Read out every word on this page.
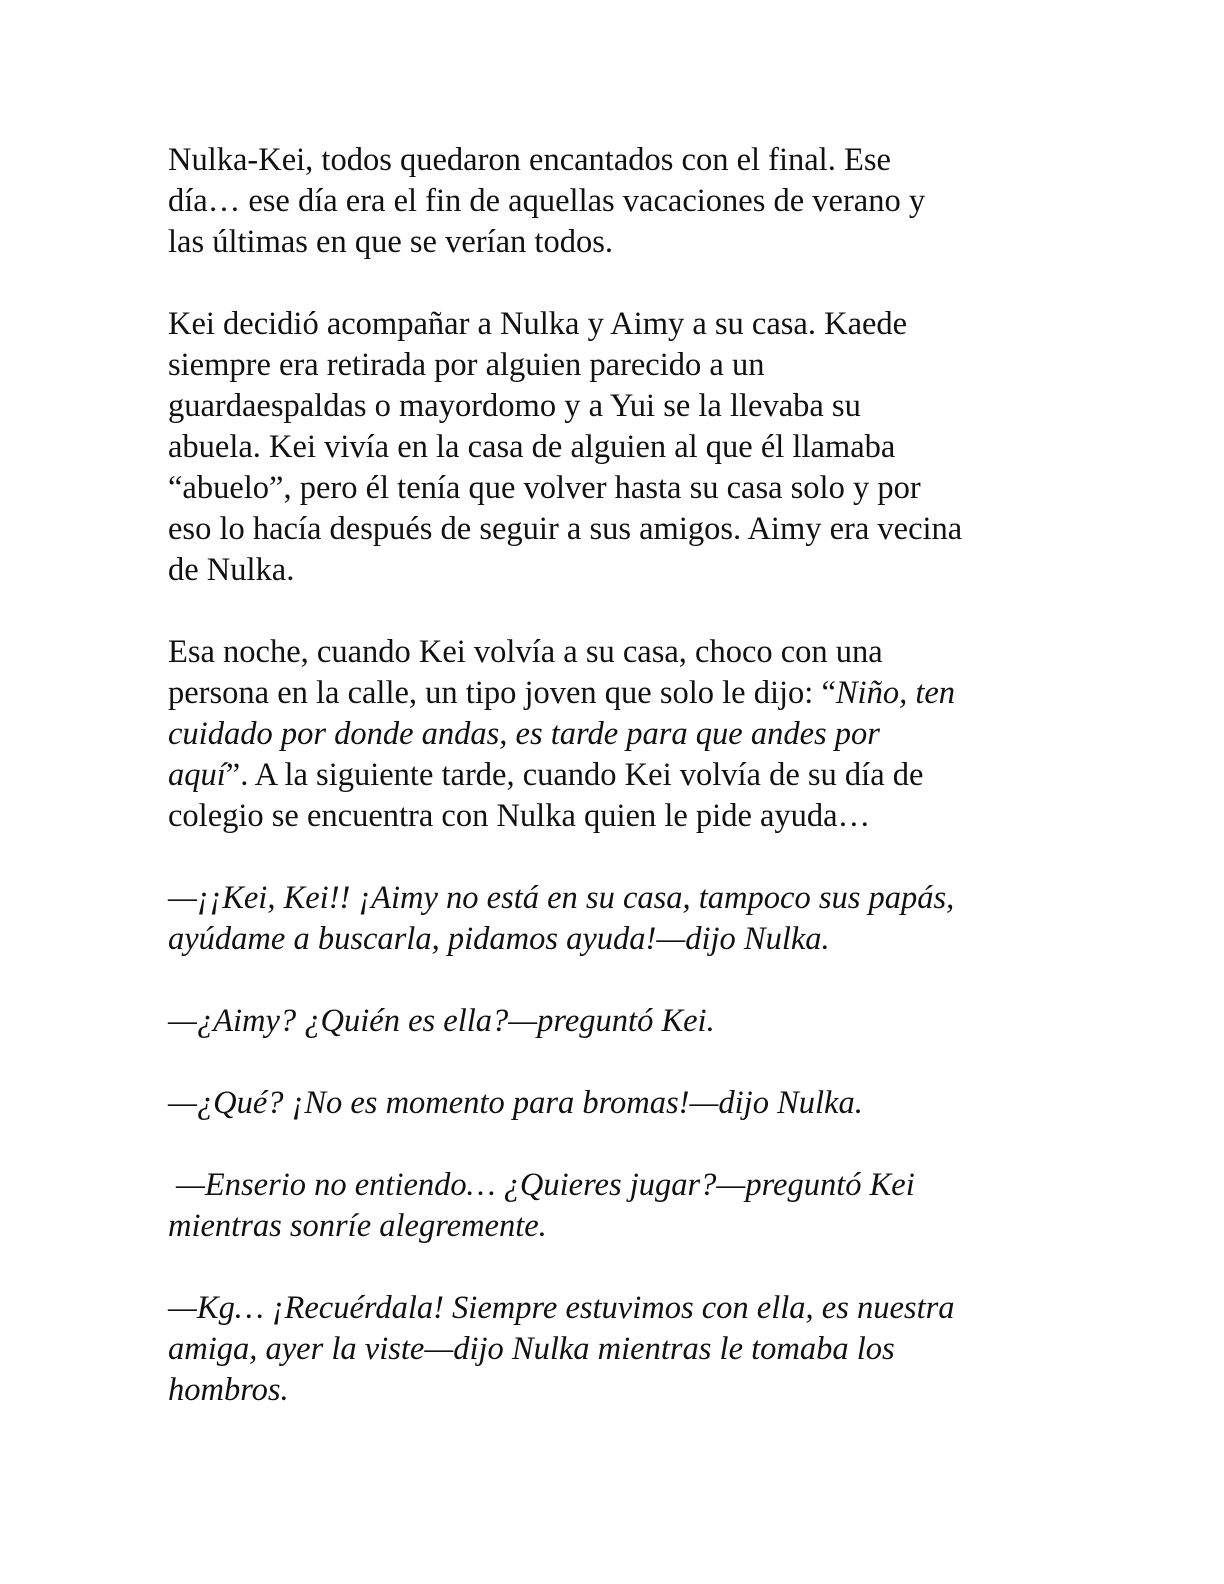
Nulka-Kei, todos quedaron encantados con el final. Ese
día… ese día era el fin de aquellas vacaciones de verano y
las últimas en que se verían todos.

Kei decidió acompañar a Nulka y Aimy a su casa. Kaede
siempre era retirada por alguien parecido a un
guardaespaldas o mayordomo y a Yui se la llevaba su
abuela. Kei vivía en la casa de alguien al que él llamaba
“abuelo”, pero él tenía que volver hasta su casa solo y por
eso lo hacía después de seguir a sus amigos. Aimy era vecina
de Nulka.

Esa noche, cuando Kei volvía a su casa, choco con una
persona en la calle, un tipo joven que solo le dijo: “Niño, ten
cuidado por donde andas, es tarde para que andes por
aquí”. A la siguiente tarde, cuando Kei volvía de su día de
colegio se encuentra con Nulka quien le pide ayuda…

—¡¡Kei, Kei!! ¡Aimy no está en su casa, tampoco sus papás,
ayúdame a buscarla, pidamos ayuda!—dijo Nulka.

—¿Aimy? ¿Quién es ella?—preguntó Kei.

—¿Qué? ¡No es momento para bromas!—dijo Nulka.

—Enserio no entiendo… ¿Quieres jugar?—preguntó Kei
mientras sonríe alegremente.

—Kg… ¡Recuérdala! Siempre estuvimos con ella, es nuestra
amiga, ayer la viste—dijo Nulka mientras le tomaba los
hombros.
